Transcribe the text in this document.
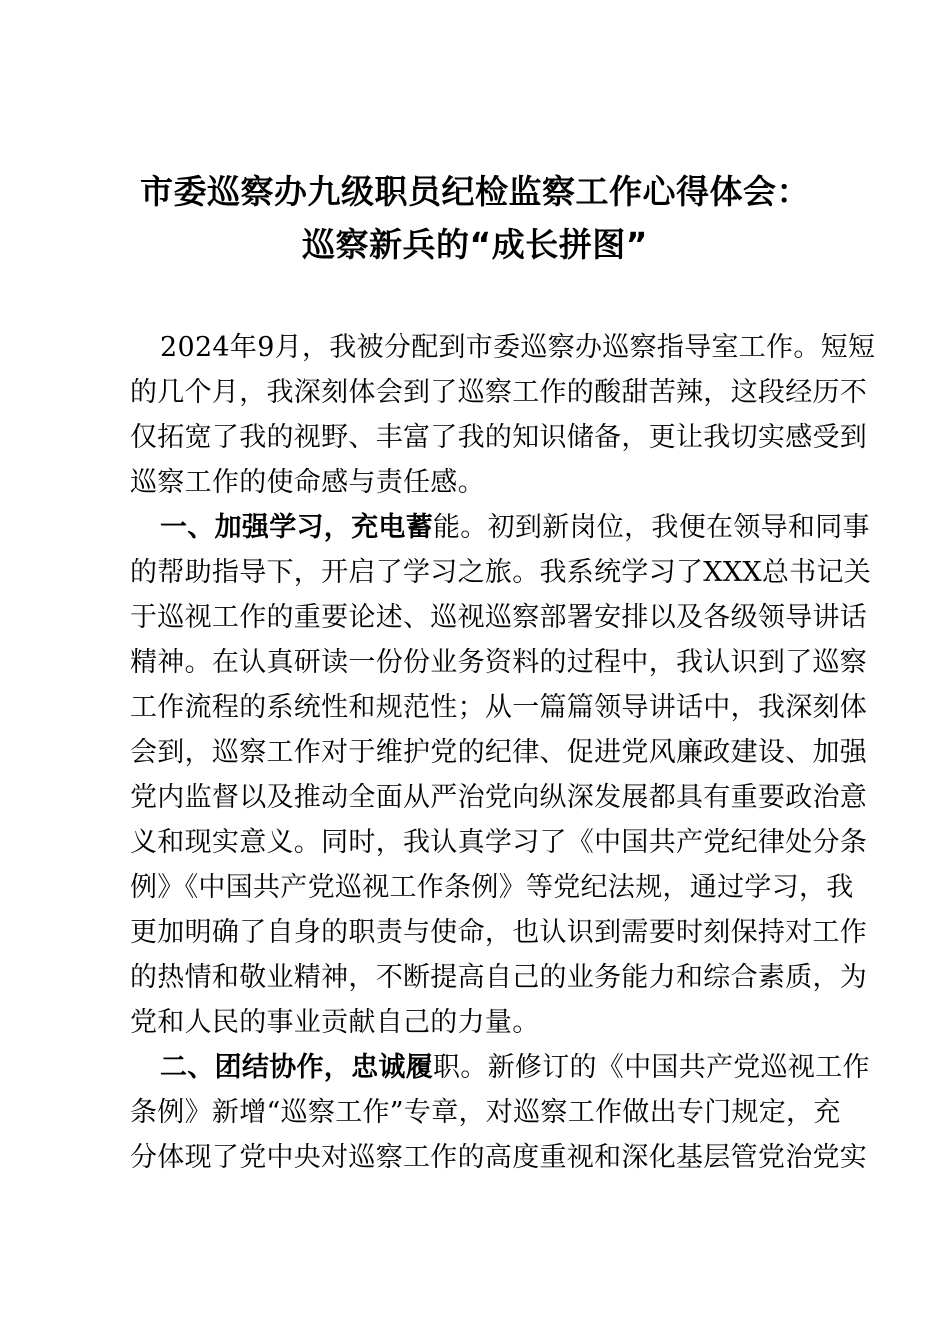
市委巡察办九级职员纪检监察工作心得体会：
巡察新兵的“成长拼图”
2024年9月，我被分配到市委巡察办巡察指导室工作。短短
的几个月，我深刻体会到了巡察工作的酸甜苦辣，这段经历不
仅拓宽了我的视野、丰富了我的知识储备，更让我切实感受到
巡察工作的使命感与责任感。
一、加强学习，充电蓄能。初到新岗位，我便在领导和同事
的帮助指导下，开启了学习之旅。我系统学习了XXX总书记关
于巡视工作的重要论述、巡视巡察部署安排以及各级领导讲话
精神。在认真研读一份份业务资料的过程中，我认识到了巡察
工作流程的系统性和规范性；从一篇篇领导讲话中，我深刻体
会到，巡察工作对于维护党的纪律、促进党风廉政建设、加强
党内监督以及推动全面从严治党向纵深发展都具有重要政治意
义和现实意义。同时，我认真学习了《中国共产党纪律处分条
例》《中国共产党巡视工作条例》等党纪法规，通过学习，我
更加明确了自身的职责与使命，也认识到需要时刻保持对工作
的热情和敬业精神，不断提高自己的业务能力和综合素质，为
党和人民的事业贡献自己的力量。
二、团结协作，忠诚履职。新修订的《中国共产党巡视工作
条例》新增“巡察工作”专章，对巡察工作做出专门规定，充
分体现了党中央对巡察工作的高度重视和深化基层管党治党实
